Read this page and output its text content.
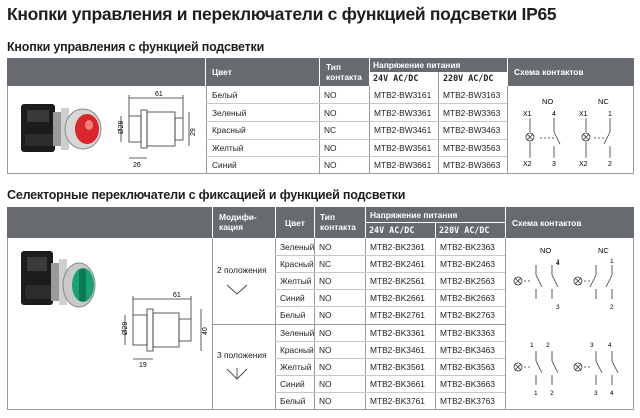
Кнопки управления и переключатели с функцией подсветки IP65
Кнопки управления с функцией подсветки
Цвет	Тип контакта
Напряжение питания
24V AC/DC	220V AC/DC
Схема контактов
Белый	NO	MTB2-BW3161	MTB2-BW3163
Зеленый	NO	MTB2-BW3361	MTB2-BW3363
Красный	NC	MTB2-BW3461	MTB2-BW3463
Желтый	NO	MTB2-BW3561	MTB2-BW3563
Синий	NO	MTB2-BW3661	MTB2-BW3663
61
29
Ø28
26
NO	NC
X1	4
X2	3
X1	1
X2	2
Селекторные переключатели с фиксацией и функцией подсветки
Модифи-кация	Цвет
Тип контакта
Напряжение питания
24V AC/DC	220V AC/DC
Схема контактов
2 положения
3 положения
Зеленый NO	MTB2-BK2361	MTB2-BK2363
Красный NC	MTB2-BK2461	MTB2-BK2463
Желтый NO	MTB2-BK2561	MTB2-BK2563
Синий	NO	MTB2-BK2661	MTB2-BK2663
Белый	NO	MTB2-BK2761	MTB2-BK2763
Зеленый NO	MTB2-BK3361	MTB2-BK3363
Красный NO	MTB2-BK3461	MTB2-BK3463
Желтый NO	MTB2-BK3561	MTB2-BK3563
Синий	NO	MTB2-BK3661	MTB2-BK3663
Белый	NO	MTB2-BK3761	MTB2-BK3763
61
40
Ø29
19
NO	NC
4
3
1
2
1 2	3 4
1 2	3 4
